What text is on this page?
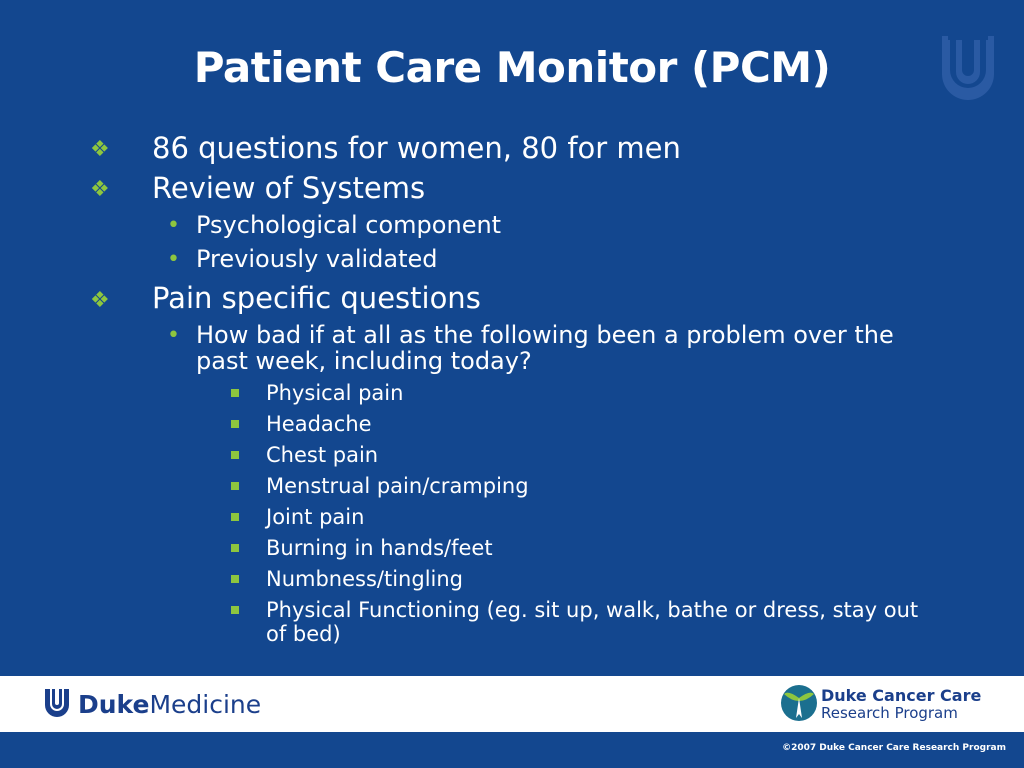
Patient Care Monitor (PCM)
❖ 86 questions for women, 80 for men
❖ Review of Systems
• Psychological component
• Previously validated
❖ Pain specific questions
• How bad if at all as the following been a problem over the
past week, including today?
Physical pain
Headache
Chest pain
Menstrual pain/cramping
Joint pain
Burning in hands/feet
Numbness/tingling
Physical Functioning (eg. sit up, walk, bathe or dress, stay out
of bed)
DukeMedicine	Duke Cancer Care
Research Program
©2007 Duke Cancer Care Research Program
